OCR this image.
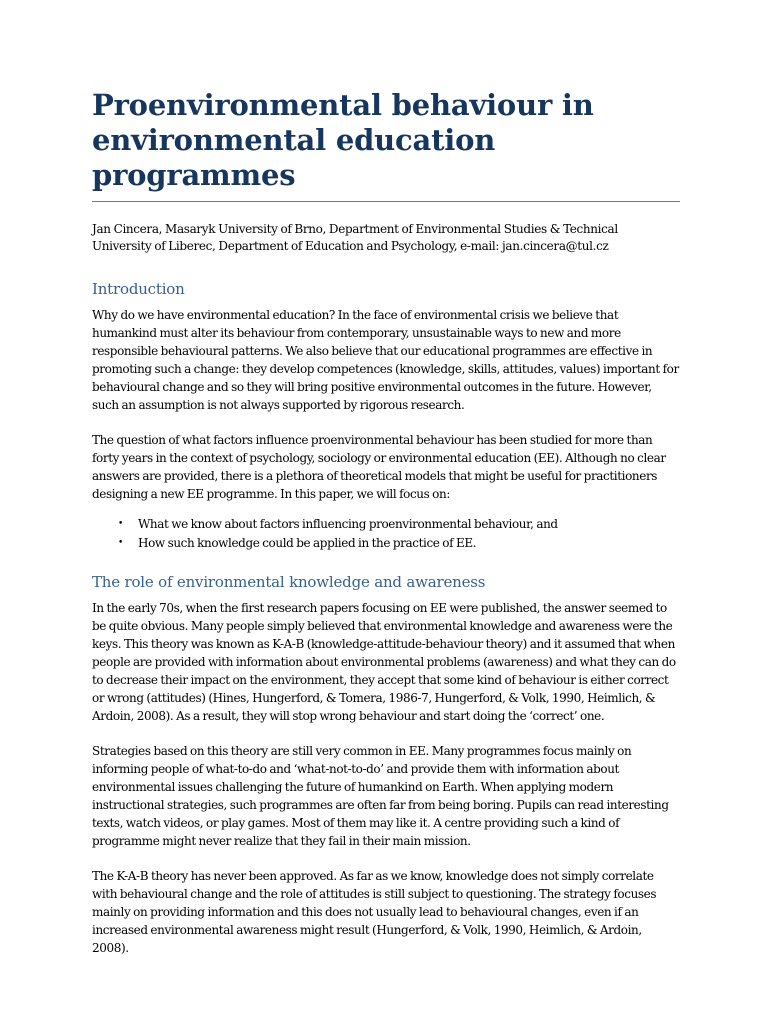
Proenvironmental behaviour in
environmental education programmes

Jan Cincera, Masaryk University of Brno, Department of Environmental Studies & Technical University of Liberec, Department of Education and Psychology, e-mail: jan.cincera@tul.cz

Introduction

Why do we have environmental education? In the face of environmental crisis we believe that humankind must alter its behaviour from contemporary, unsustainable ways to new and more responsible behavioural patterns. We also believe that our educational programmes are effective in promoting such a change: they develop competences (knowledge, skills, attitudes, values) important for behavioural change and so they will bring positive environmental outcomes in the future. However, such an assumption is not always supported by rigorous research.

The question of what factors influence proenvironmental behaviour has been studied for more than forty years in the context of psychology, sociology or environmental education (EE). Although no clear answers are provided, there is a plethora of theoretical models that might be useful for practitioners designing a new EE programme. In this paper, we will focus on:

• What we know about factors influencing proenvironmental behaviour, and
• How such knowledge could be applied in the practice of EE.
The role of environmental knowledge and awareness

In the early 70s, when the first research papers focusing on EE were published, the answer seemed to be quite obvious. Many people simply believed that environmental knowledge and awareness were the keys. This theory was known as K-A-B (knowledge-attitude-behaviour theory) and it assumed that when people are provided with information about environmental problems (awareness) and what they can do to decrease their impact on the environment, they accept that some kind of behaviour is either correct or wrong (attitudes) (Hines, Hungerford, & Tomera, 1986-7, Hungerford, & Volk, 1990, Heimlich, & Ardoin, 2008). As a result, they will stop wrong behaviour and start doing the ‘correct’ one.

Strategies based on this theory are still very common in EE. Many programmes focus mainly on informing people of what-to-do and ‘what-not-to-do’ and provide them with information about environmental issues challenging the future of humankind on Earth. When applying modern instructional strategies, such programmes are often far from being boring. Pupils can read interesting texts, watch videos, or play games. Most of them may like it. A centre providing such a kind of programme might never realize that they fail in their main mission.

The K-A-B theory has never been approved. As far as we know, knowledge does not simply correlate with behavioural change and the role of attitudes is still subject to questioning. The strategy focuses mainly on providing information and this does not usually lead to behavioural changes, even if an increased environmental awareness might result (Hungerford, & Volk, 1990, Heimlich, & Ardoin, 2008).
